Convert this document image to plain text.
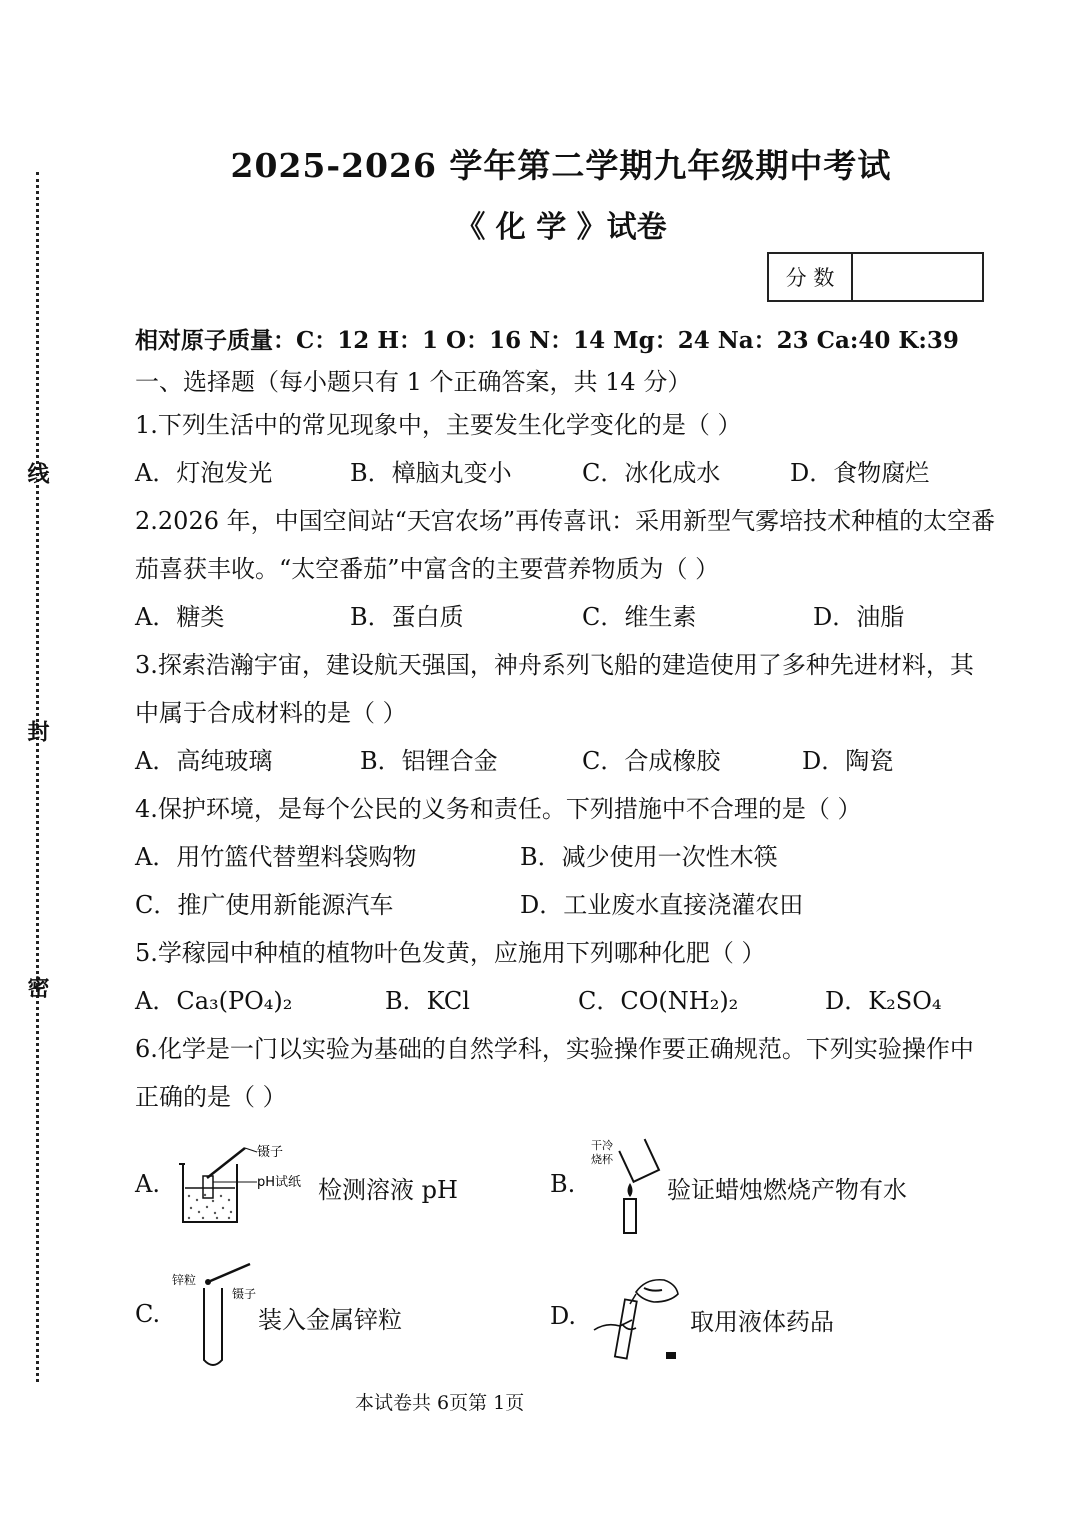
线
封
密
2025-2026 学年第二学期九年级期中考试
《 化 学 》试卷
分 数
相对原子质量：C：12 H：1 O：16 N：14 Mg：24 Na：23 Ca:40 K:39
一、选择题（每小题只有 1 个正确答案，共 14 分）
1.下列生活中的常见现象中，主要发生化学变化的是（ ）
A．灯泡发光	B．樟脑丸变小	C．冰化成水	D．食物腐烂
2.2026 年，中国空间站“天宫农场”再传喜讯：采用新型气雾培技术种植的太空番
茄喜获丰收。“太空番茄”中富含的主要营养物质为（ ）
A．糖类	B．蛋白质	C．维生素	D．油脂
3.探索浩瀚宇宙，建设航天强国，神舟系列飞船的建造使用了多种先进材料，其
中属于合成材料的是（ ）
A．高纯玻璃	B．铝锂合金	C．合成橡胶	D．陶瓷
4.保护环境，是每个公民的义务和责任。下列措施中不合理的是（ ）
A．用竹篮代替塑料袋购物	B．减少使用一次性木筷
C．推广使用新能源汽车	D．工业废水直接浇灌农田
5.学稼园中种植的植物叶色发黄，应施用下列哪种化肥（ ）
A．Ca₃(PO₄)₂	B．KCl	C．CO(NH₂)₂	D．K₂SO₄
6.化学是一门以实验为基础的自然学科，实验操作要正确规范。下列实验操作中
正确的是（ ）
A.
镊子
pH试纸 检测溶液 pH	B.
干冷
烧杯
验证蜡烛燃烧产物有水
C.
锌粒
镊子
装入金属锌粒	D.	取用液体药品
本试卷共 6页第 1页
